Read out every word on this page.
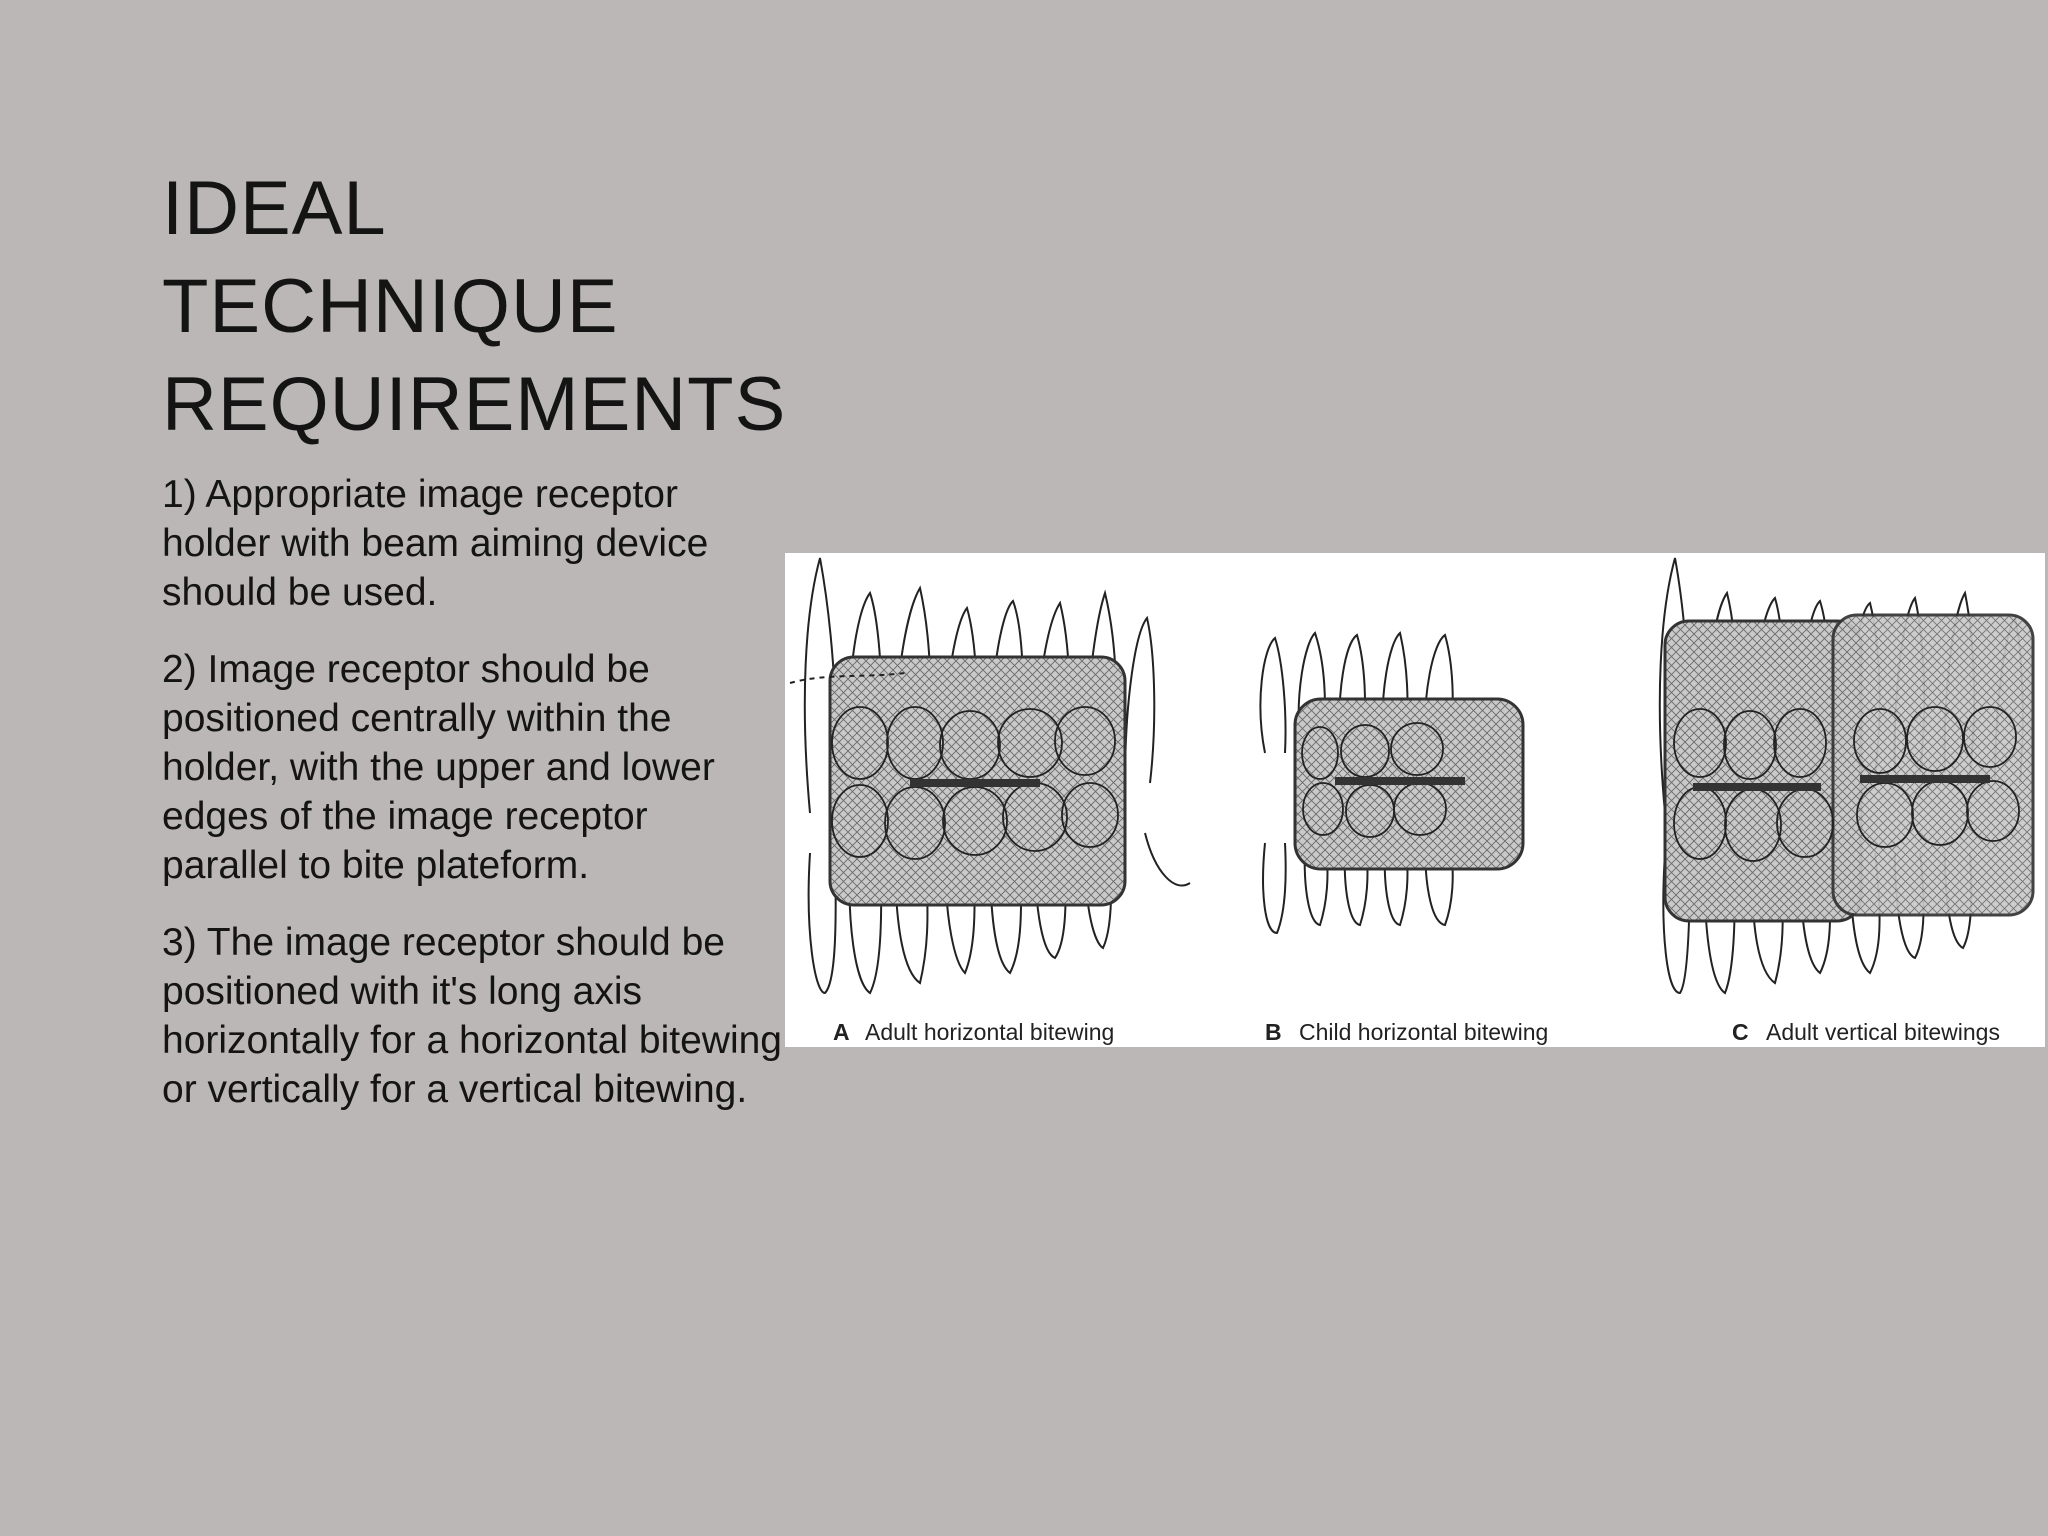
IDEAL
TECHNIQUE
REQUIREMENTS

1) Appropriate image receptor holder with beam aiming device should be used.

2) Image receptor should be positioned centrally within the holder, with the upper and lower edges of the image receptor parallel to bite plateform.

3) The image receptor should be positioned with it's long axis horizontally for a horizontal bitewing or vertically for a vertical bitewing.

A Adult horizontal bitewing	B Child horizontal bitewing	C Adult vertical bitewings
